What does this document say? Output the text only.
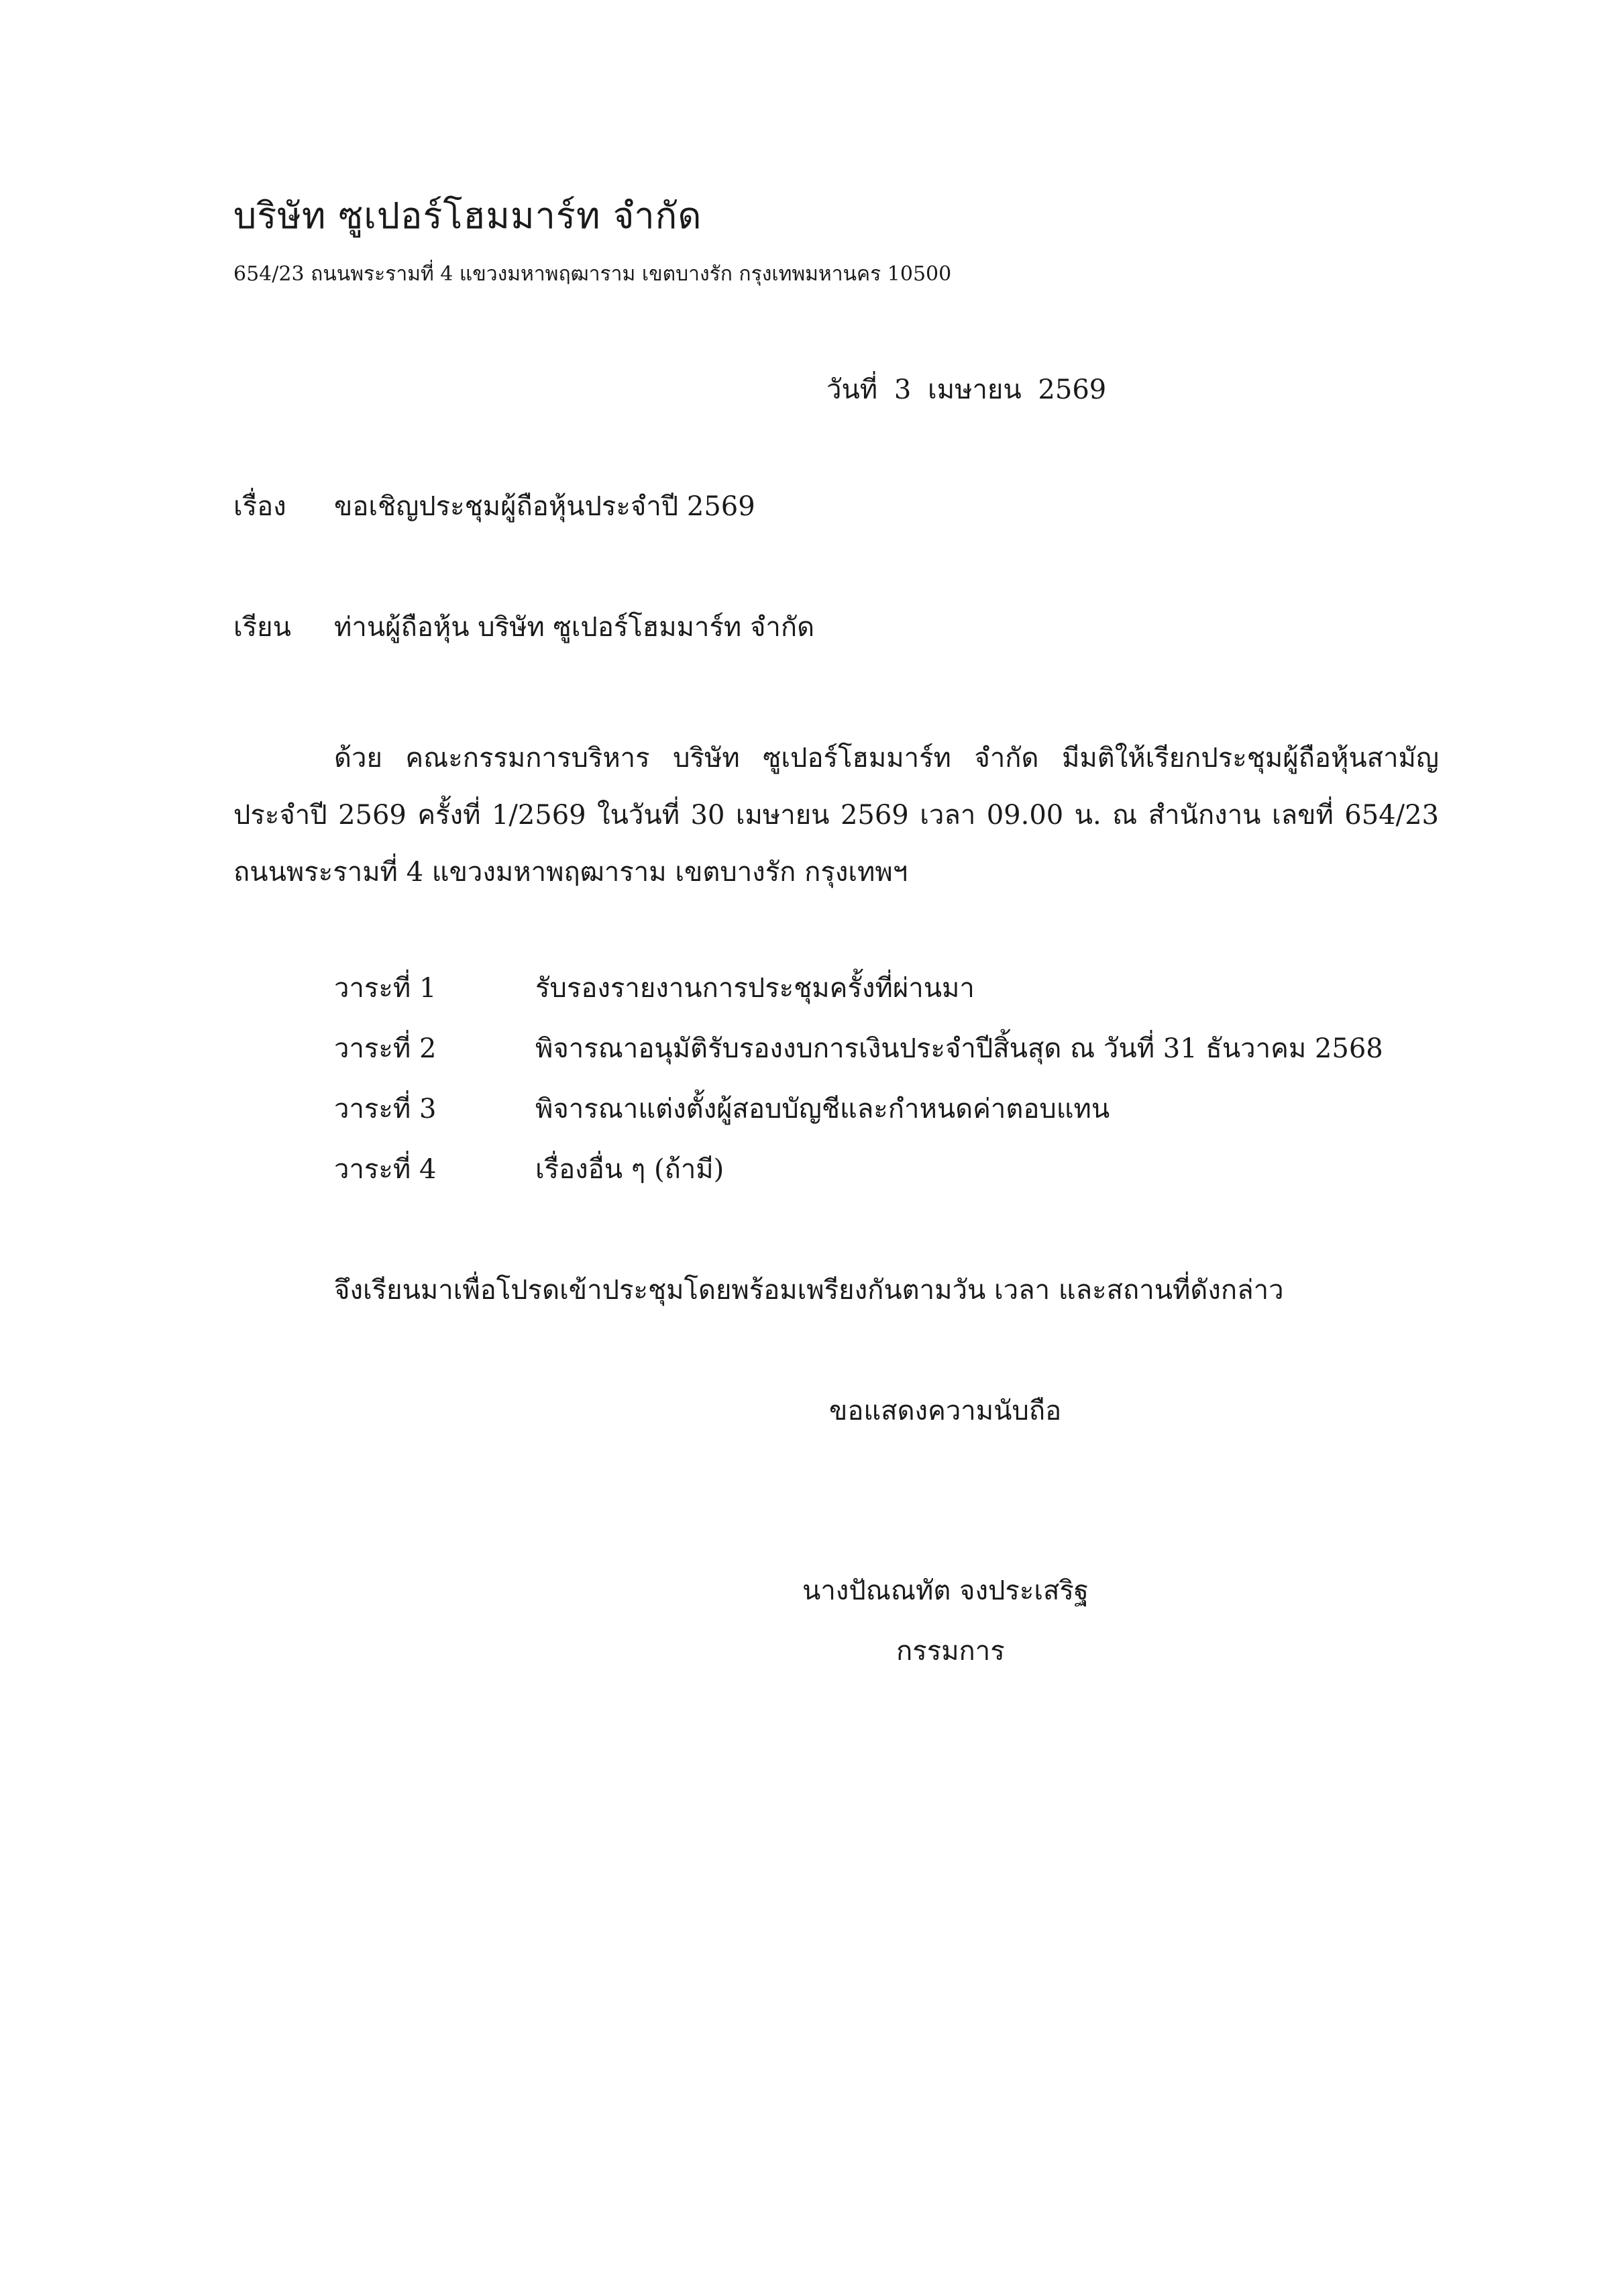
บริษัท ซูเปอร์โฮมมาร์ท จำกัด
654/23 ถนนพระรามที่ 4 แขวงมหาพฤฒาราม เขตบางรัก กรุงเทพมหานคร 10500
วันที่ 3 เมษายน 2569
เรื่อง ขอเชิญประชุมผู้ถือหุ้นประจำปี 2569
เรียน ท่านผู้ถือหุ้น บริษัท ซูเปอร์โฮมมาร์ท จำกัด
ด้วย คณะกรรมการบริหาร บริษัท ซูเปอร์โฮมมาร์ท จำกัด มีมติให้เรียกประชุมผู้ถือหุ้นสามัญประจำปี 2569 ครั้งที่ 1/2569 ในวันที่ 30 เมษายน 2569 เวลา 09.00 น. ณ สำนักงาน เลขที่ 654/23 ถนนพระรามที่ 4 แขวงมหาพฤฒาราม เขตบางรัก กรุงเทพฯ
วาระที่ 1	รับรองรายงานการประชุมครั้งที่ผ่านมา
วาระที่ 2	พิจารณาอนุมัติรับรองงบการเงินประจำปีสิ้นสุด ณ วันที่ 31 ธันวาคม 2568
วาระที่ 3	พิจารณาแต่งตั้งผู้สอบบัญชีและกำหนดค่าตอบแทน
วาระที่ 4	เรื่องอื่น ๆ (ถ้ามี)
จึงเรียนมาเพื่อโปรดเข้าประชุมโดยพร้อมเพรียงกันตามวัน เวลา และสถานที่ดังกล่าว
ขอแสดงความนับถือ
นางปัณณทัต จงประเสริฐ
กรรมการ
